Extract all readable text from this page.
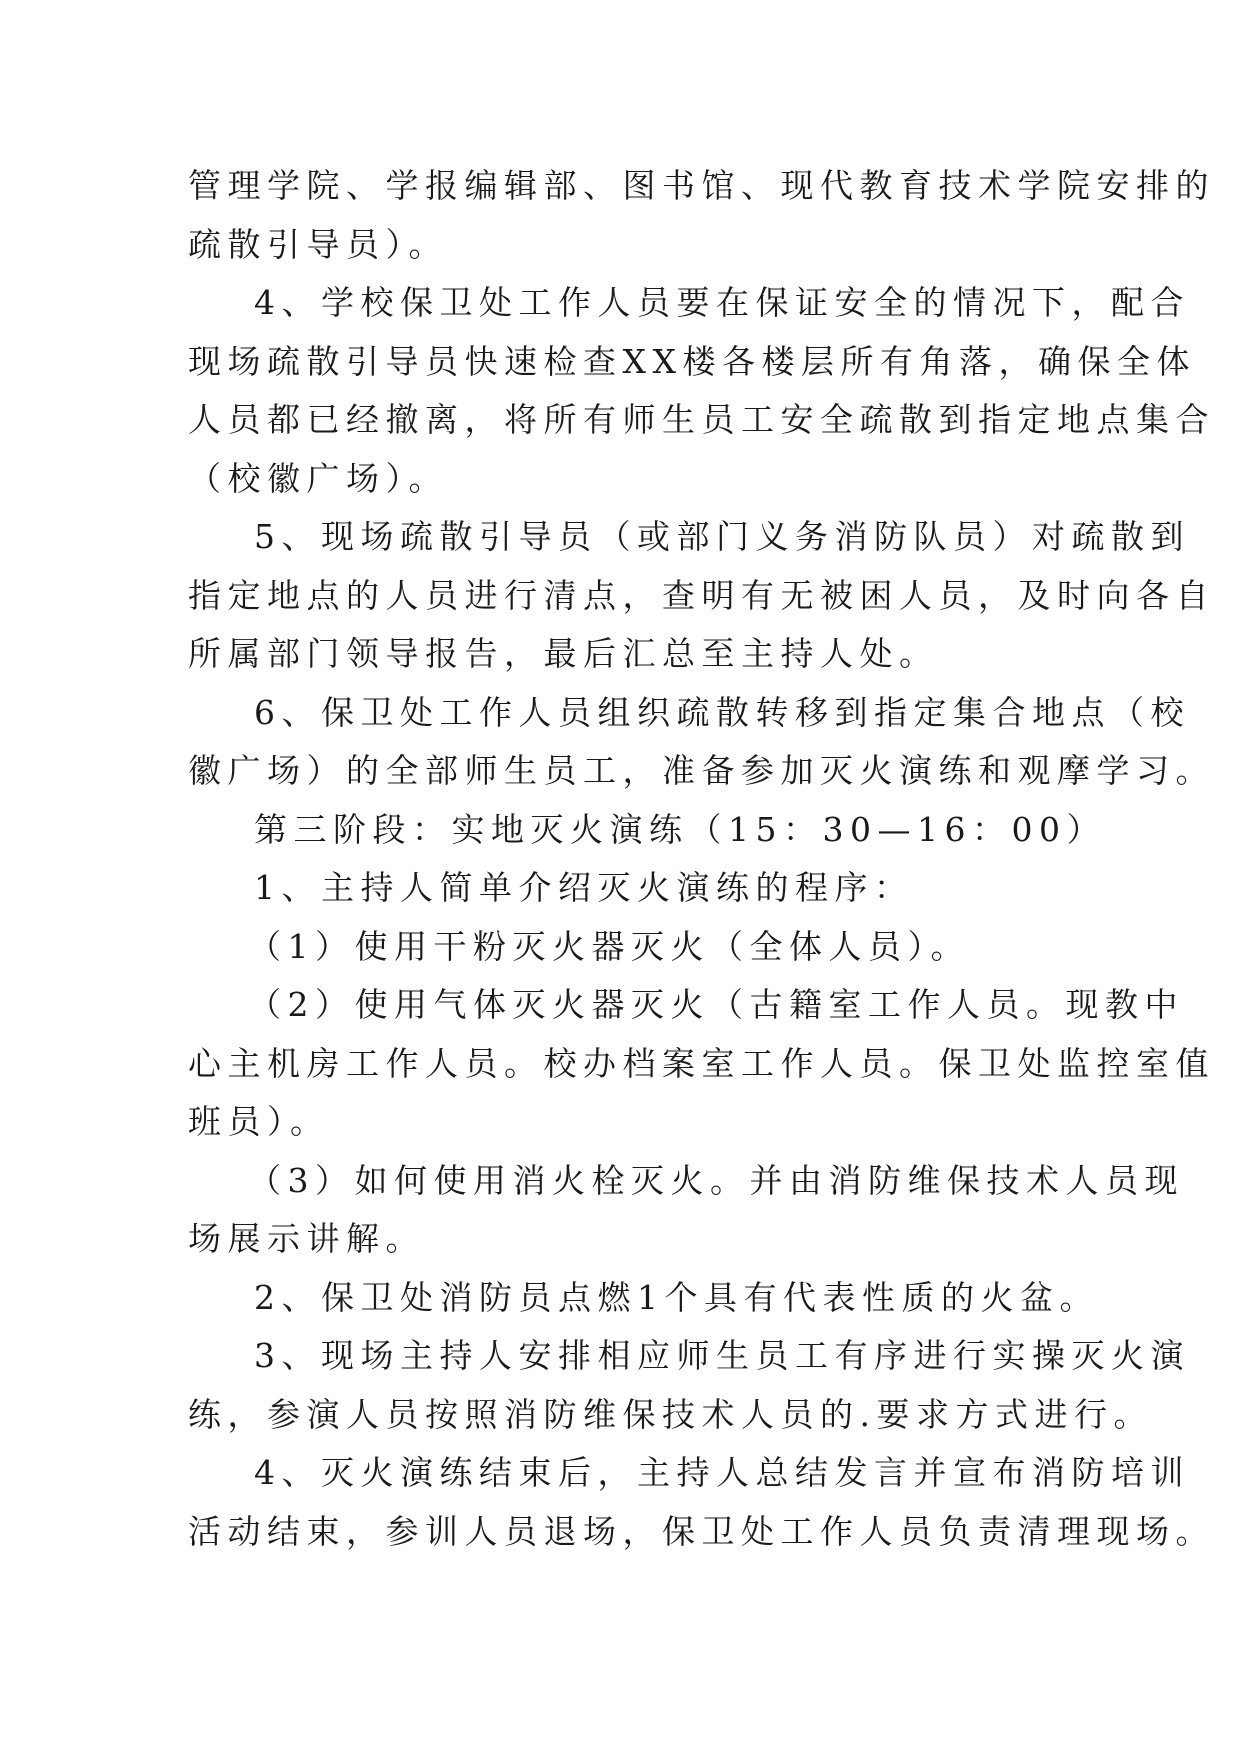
管理学院、学报编辑部、图书馆、现代教育技术学院安排的
疏散引导员）。
4、学校保卫处工作人员要在保证安全的情况下，配合
现场疏散引导员快速检查XX楼各楼层所有角落，确保全体
人员都已经撤离，将所有师生员工安全疏散到指定地点集合
（校徽广场）。
5、现场疏散引导员（或部门义务消防队员）对疏散到
指定地点的人员进行清点，查明有无被困人员，及时向各自
所属部门领导报告，最后汇总至主持人处。
6、保卫处工作人员组织疏散转移到指定集合地点（校
徽广场）的全部师生员工，准备参加灭火演练和观摩学习。
第三阶段：实地灭火演练（15：30—16：00）
1、主持人简单介绍灭火演练的程序：
（1）使用干粉灭火器灭火（全体人员）。
（2）使用气体灭火器灭火（古籍室工作人员。现教中
心主机房工作人员。校办档案室工作人员。保卫处监控室值
班员）。
（3）如何使用消火栓灭火。并由消防维保技术人员现
场展示讲解。
2、保卫处消防员点燃1个具有代表性质的火盆。
3、现场主持人安排相应师生员工有序进行实操灭火演
练，参演人员按照消防维保技术人员的.要求方式进行。
4、灭火演练结束后，主持人总结发言并宣布消防培训
活动结束，参训人员退场，保卫处工作人员负责清理现场。
